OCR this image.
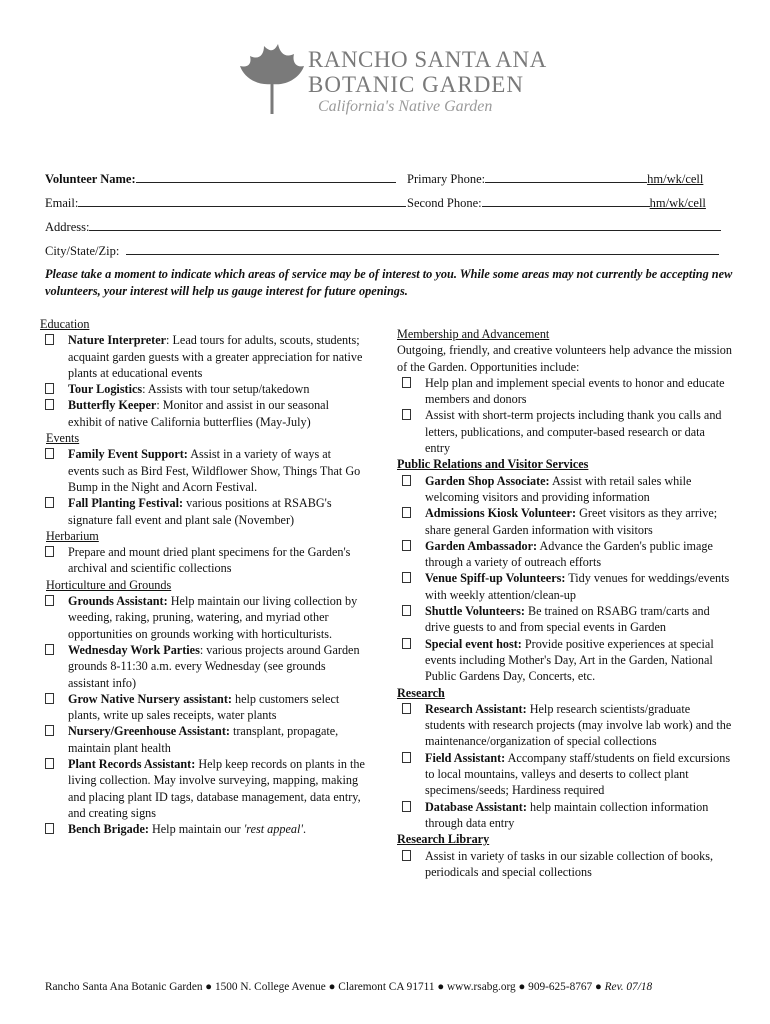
RANCHO SANTA ANA
BOTANIC GARDEN
California's Native Garden
Volunteer Name:	Primary Phone:	hm/wk/cell
Email:	Second Phone:	hm/wk/cell
Address:
City/State/Zip:
Please take a moment to indicate which areas of service may be of interest to you. While some areas may not currently be accepting new volunteers, your interest will help us gauge interest for future openings.
Education
Nature Interpreter: Lead tours for adults, scouts, students; acquaint garden guests with a greater appreciation for native plants at educational events
Tour Logistics: Assists with tour setup/takedown
Butterfly Keeper: Monitor and assist in our seasonal exhibit of native California butterflies (May-July)
Events
Family Event Support: Assist in a variety of ways at events such as Bird Fest, Wildflower Show, Things That Go Bump in the Night and Acorn Festival.
Fall Planting Festival: various positions at RSABG's signature fall event and plant sale (November)
Herbarium
Prepare and mount dried plant specimens for the Garden's archival and scientific collections
Horticulture and Grounds
Grounds Assistant: Help maintain our living collection by weeding, raking, pruning, watering, and myriad other opportunities on grounds working with horticulturists.
Wednesday Work Parties: various projects around Garden grounds 8-11:30 a.m. every Wednesday (see grounds assistant info)
Grow Native Nursery assistant: help customers select plants, write up sales receipts, water plants
Nursery/Greenhouse Assistant: transplant, propagate, maintain plant health
Plant Records Assistant: Help keep records on plants in the living collection. May involve surveying, mapping, making and placing plant ID tags, database management, data entry, and creating signs
Bench Brigade: Help maintain our 'rest appeal'.
Membership and Advancement
Outgoing, friendly, and creative volunteers help advance the mission of the Garden. Opportunities include:
Help plan and implement special events to honor and educate members and donors
Assist with short-term projects including thank you calls and letters, publications, and computer-based research or data entry
Public Relations and Visitor Services
Garden Shop Associate: Assist with retail sales while welcoming visitors and providing information
Admissions Kiosk Volunteer: Greet visitors as they arrive; share general Garden information with visitors
Garden Ambassador: Advance the Garden's public image through a variety of outreach efforts
Venue Spiff-up Volunteers: Tidy venues for weddings/events with weekly attention/clean-up
Shuttle Volunteers: Be trained on RSABG tram/carts and drive guests to and from special events in Garden
Special event host: Provide positive experiences at special events including Mother's Day, Art in the Garden, National Public Gardens Day, Concerts, etc.
Research
Research Assistant: Help research scientists/graduate students with research projects (may involve lab work) and the maintenance/organization of special collections
Field Assistant: Accompany staff/students on field excursions to local mountains, valleys and deserts to collect plant specimens/seeds; Hardiness required
Database Assistant: help maintain collection information through data entry
Research Library
Assist in variety of tasks in our sizable collection of books, periodicals and special collections
Rancho Santa Ana Botanic Garden ● 1500 N. College Avenue ● Claremont CA 91711 ● www.rsabg.org ● 909-625-8767 ● Rev. 07/18
